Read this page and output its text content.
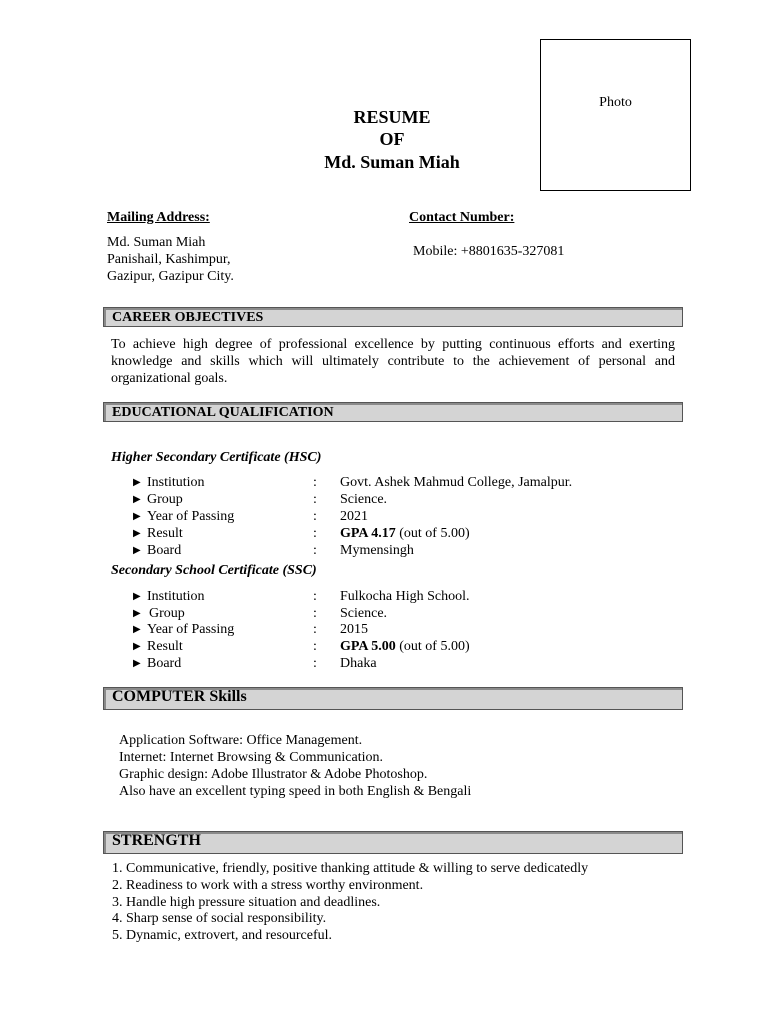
RESUME
OF
Md. Suman Miah
Photo
Mailing Address:
Md. Suman Miah
Panishail, Kashimpur,
Gazipur, Gazipur City.
Contact Number:
Mobile: +8801635-327081
CAREER OBJECTIVES
To achieve high degree of professional excellence by putting continuous efforts and exerting knowledge and skills which will ultimately contribute to the achievement of personal and organizational goals.
EDUCATIONAL QUALIFICATION
Higher Secondary Certificate (HSC)
▶ Institution	: Govt. Ashek Mahmud College, Jamalpur.
▶ Group	: Science.
▶ Year of Passing	: 2021
▶ Result	: GPA 4.17 (out of 5.00)
▶ Board	: Mymensingh
Secondary School Certificate (SSC)
▶ Institution	: Fulkocha High School.
▶ Group	: Science.
▶ Year of Passing	: 2015
▶ Result	: GPA 5.00 (out of 5.00)
▶ Board	: Dhaka
COMPUTER Skills
Application Software: Office Management.
Internet: Internet Browsing & Communication.
Graphic design: Adobe Illustrator & Adobe Photoshop.
Also have an excellent typing speed in both English & Bengali
STRENGTH
1. Communicative, friendly, positive thanking attitude & willing to serve dedicatedly
2. Readiness to work with a stress worthy environment.
3. Handle high pressure situation and deadlines.
4. Sharp sense of social responsibility.
5. Dynamic, extrovert, and resourceful.
